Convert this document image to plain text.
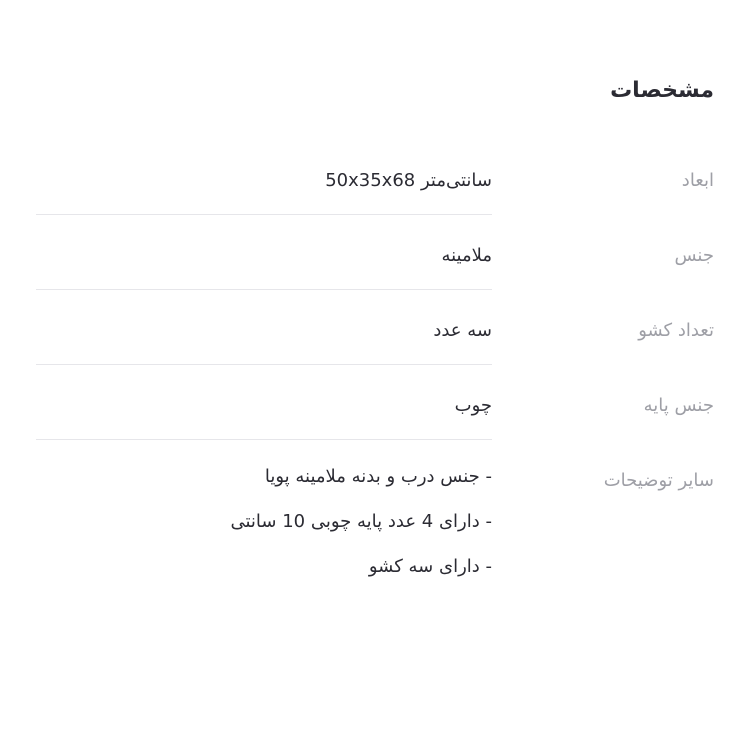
مشخصات
ابعاد
سانتی‌متر 50x35x68
جنس
ملامینه
تعداد کشو
سه عدد
جنس پایه
چوب
سایر توضیحات
- جنس درب و بدنه ملامینه پویا
- دارای 4 عدد پایه چوبی 10 سانتی
- دارای سه کشو
